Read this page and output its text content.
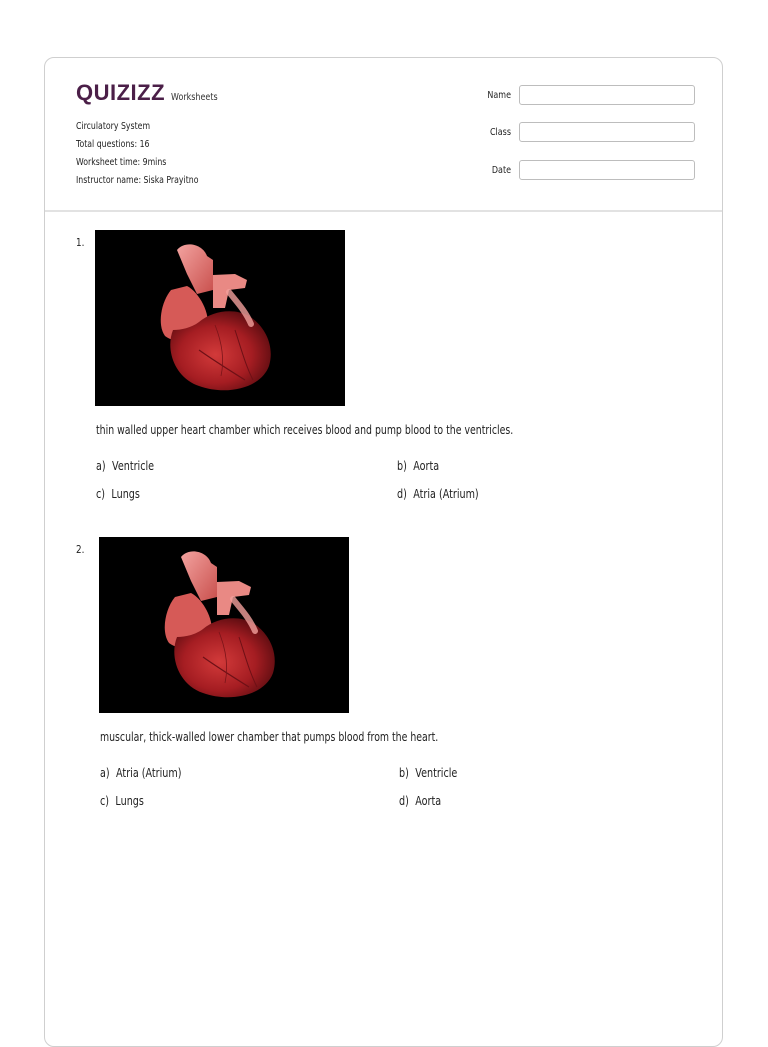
QUIZIZZ Worksheets
Circulatory System
Total questions: 16
Worksheet time: 9mins
Instructor name: Siska Prayitno
Name
Class
Date
1.
thin walled upper heart chamber which receives blood and pump blood to the ventricles.
a) Ventricle	b) Aorta
c) Lungs	d) Atria (Atrium)
2.
muscular, thick-walled lower chamber that pumps blood from the heart.
a) Atria (Atrium)	b) Ventricle
c) Lungs	d) Aorta
